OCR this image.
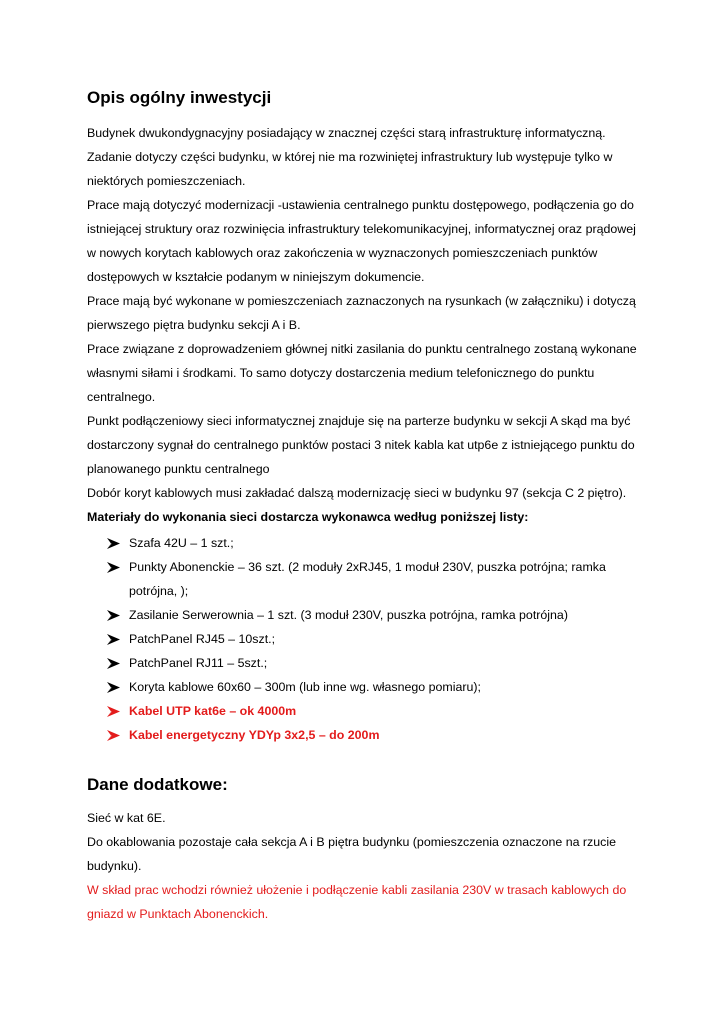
Opis ogólny inwestycji

Budynek dwukondygnacyjny posiadający w znacznej części starą infrastrukturę informatyczną.

Zadanie dotyczy części budynku, w której nie ma rozwiniętej infrastruktury lub występuje tylko w niektórych pomieszczeniach.

Prace mają dotyczyć modernizacji -ustawienia centralnego punktu dostępowego, podłączenia go do istniejącej struktury oraz rozwinięcia infrastruktury telekomunikacyjnej, informatycznej oraz prądowej w nowych korytach kablowych oraz zakończenia w wyznaczonych pomieszczeniach punktów dostępowych w kształcie podanym w niniejszym dokumencie.

Prace mają być wykonane w pomieszczeniach zaznaczonych na rysunkach (w załączniku) i dotyczą pierwszego piętra budynku sekcji A i B.

Prace związane z doprowadzeniem głównej nitki zasilania do punktu centralnego zostaną wykonane własnymi siłami i środkami. To samo dotyczy dostarczenia medium telefonicznego do punktu centralnego.

Punkt podłączeniowy sieci informatycznej znajduje się na parterze budynku w sekcji A skąd ma być dostarczony sygnał do centralnego punktów postaci 3 nitek kabla kat utp6e z istniejącego punktu do planowanego punktu centralnego

Dobór koryt kablowych musi zakładać dalszą modernizację sieci w budynku 97 (sekcja C 2 piętro).

Materiały do wykonania sieci dostarcza wykonawca według poniższej listy:

Szafa 42U – 1 szt.;
Punkty Abonenckie – 36 szt. (2 moduły 2xRJ45, 1 moduł 230V, puszka potrójna; ramka potrójna, );
Zasilanie Serwerownia – 1 szt. (3 moduł 230V, puszka potrójna, ramka potrójna)
PatchPanel RJ45 – 10szt.;
PatchPanel RJ11 – 5szt.;
Koryta kablowe 60x60 – 300m (lub inne wg. własnego pomiaru);
Kabel UTP kat6e – ok 4000m
Kabel energetyczny YDYp 3x2,5 – do 200m
Dane dodatkowe:

Sieć w kat 6E.

Do okablowania pozostaje cała sekcja A i B piętra budynku (pomieszczenia oznaczone na rzucie budynku).

W skład prac wchodzi również ułożenie i podłączenie kabli zasilania 230V w trasach kablowych do gniazd w Punktach Abonenckich.
